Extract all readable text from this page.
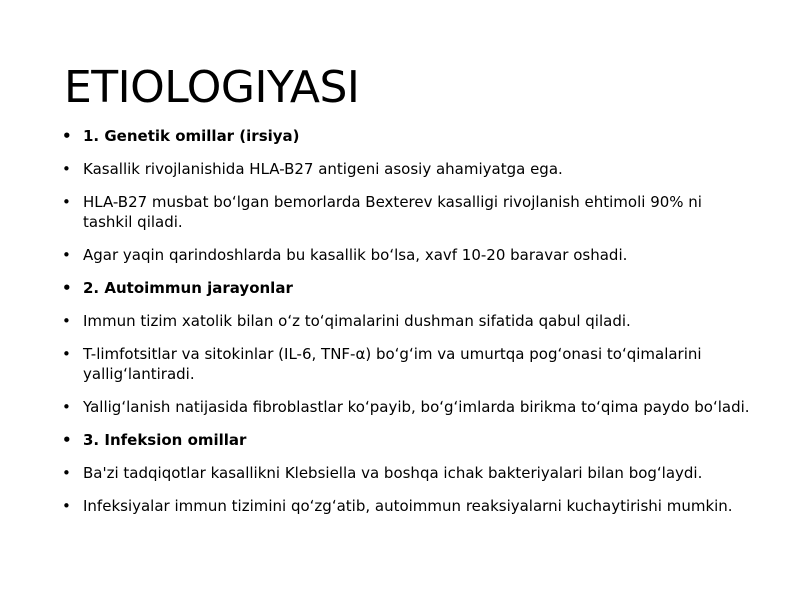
ETIOLOGIYASI
• 1. Genetik omillar (irsiya)
• Kasallik rivojlanishida HLA-B27 antigeni asosiy ahamiyatga ega.
• HLA-B27 musbat boʻlgan bemorlarda Bexterev kasalligi rivojlanish ehtimoli 90% ni tashkil qiladi.
• Agar yaqin qarindoshlarda bu kasallik boʻlsa, xavf 10-20 baravar oshadi.
• 2. Autoimmun jarayonlar
• Immun tizim xatolik bilan oʻz toʻqimalarini dushman sifatida qabul qiladi.
• T-limfotsitlar va sitokinlar (IL-6, TNF-α) boʻgʻim va umurtqa pogʻonasi toʻqimalarini yalligʻlantiradi.
• Yalligʻlanish natijasida fibroblastlar koʻpayib, boʻgʻimlarda birikma toʻqima paydo boʻladi.
• 3. Infeksion omillar
• Ba'zi tadqiqotlar kasallikni Klebsiella va boshqa ichak bakteriyalari bilan bogʻlaydi.
• Infeksiyalar immun tizimini qoʻzgʻatib, autoimmun reaksiyalarni kuchaytirishi mumkin.
